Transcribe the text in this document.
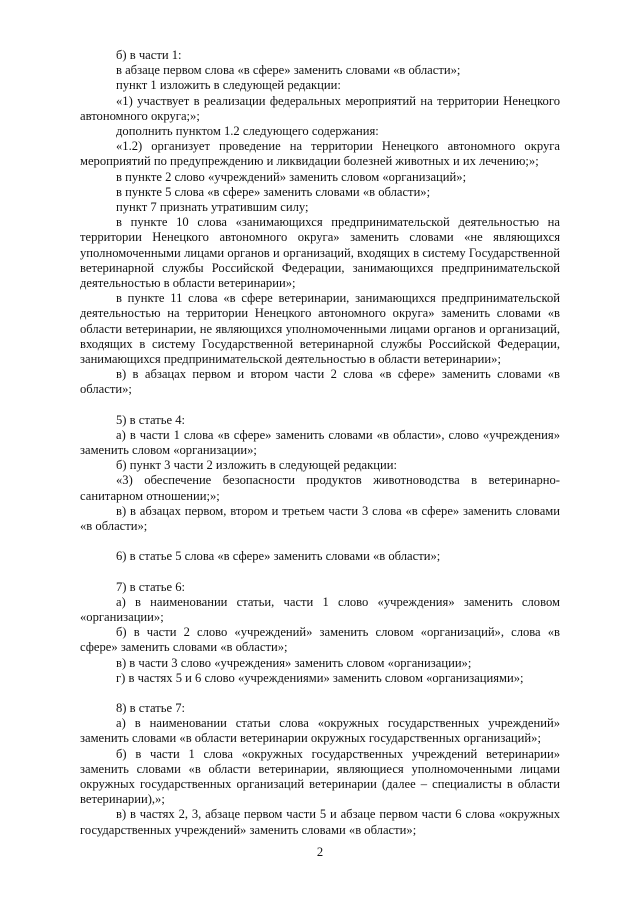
б) в части 1:

в абзаце первом слова «в сфере» заменить словами «в области»;

пункт 1 изложить в следующей редакции:

«1) участвует в реализации федеральных мероприятий на территории Ненецкого автономного округа;»;

дополнить пунктом 1.2 следующего содержания:

«1.2) организует проведение на территории Ненецкого автономного округа мероприятий по предупреждению и ликвидации болезней животных и их лечению;»;

в пункте 2 слово «учреждений» заменить словом «организаций»;

в пункте 5 слова «в сфере» заменить словами «в области»;

пункт 7 признать утратившим силу;

в пункте 10 слова «занимающихся предпринимательской деятельностью на территории Ненецкого автономного округа» заменить словами «не являющихся уполномоченными лицами органов и организаций, входящих в систему Государственной ветеринарной службы Российской Федерации, занимающихся предпринимательской деятельностью в области ветеринарии»;

в пункте 11 слова «в сфере ветеринарии, занимающихся предпринимательской деятельностью на территории Ненецкого автономного округа» заменить словами «в области ветеринарии, не являющихся уполномоченными лицами органов и организаций, входящих в систему Государственной ветеринарной службы Российской Федерации, занимающихся предпринимательской деятельностью в области ветеринарии»;

в) в абзацах первом и втором части 2 слова «в сфере» заменить словами «в области»;

5) в статье 4:

а) в части 1 слова «в сфере» заменить словами «в области», слово «учреждения» заменить словом «организации»;

б) пункт 3 части 2 изложить в следующей редакции:

«3) обеспечение безопасности продуктов животноводства в ветеринарно-санитарном отношении;»;

в) в абзацах первом, втором и третьем части 3 слова «в сфере» заменить словами «в области»;

6) в статье 5 слова «в сфере» заменить словами «в области»;

7) в статье 6:

а) в наименовании статьи, части 1 слово «учреждения» заменить словом «организации»;

б) в части 2 слово «учреждений» заменить словом «организаций», слова «в сфере» заменить словами «в области»;

в) в части 3 слово «учреждения» заменить словом «организации»;

г) в частях 5 и 6 слово «учреждениями» заменить словом «организациями»;

8) в статье 7:

а) в наименовании статьи слова «окружных государственных учреждений» заменить словами «в области ветеринарии окружных государственных организаций»;

б) в части 1 слова «окружных государственных учреждений ветеринарии» заменить словами «в области ветеринарии, являющиеся уполномоченными лицами окружных государственных организаций ветеринарии (далее – специалисты в области ветеринарии),»;

в) в частях 2, 3, абзаце первом части 5 и абзаце первом части 6 слова «окружных государственных учреждений» заменить словами «в области»;

2
